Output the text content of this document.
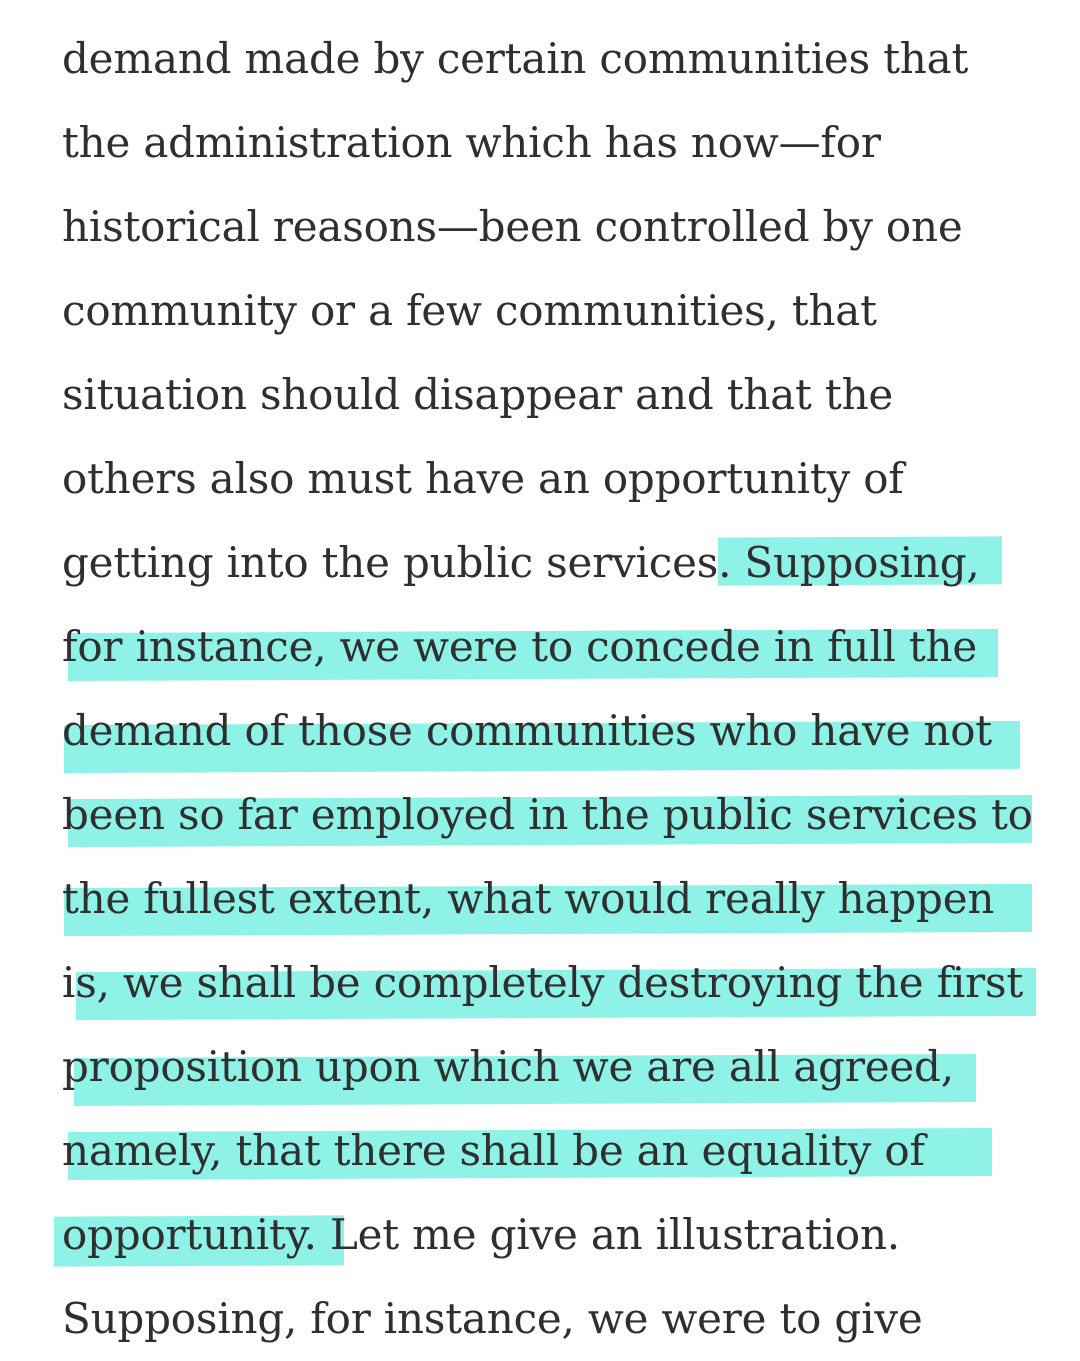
demand made by certain communities that
the administration which has now—for
historical reasons—been controlled by one
community or a few communities, that
situation should disappear and that the
others also must have an opportunity of
getting into the public services. Supposing,
for instance, we were to concede in full the
demand of those communities who have not
been so far employed in the public services to
the fullest extent, what would really happen
is, we shall be completely destroying the first
proposition upon which we are all agreed,
namely, that there shall be an equality of
opportunity. Let me give an illustration.
Supposing, for instance, we were to give
